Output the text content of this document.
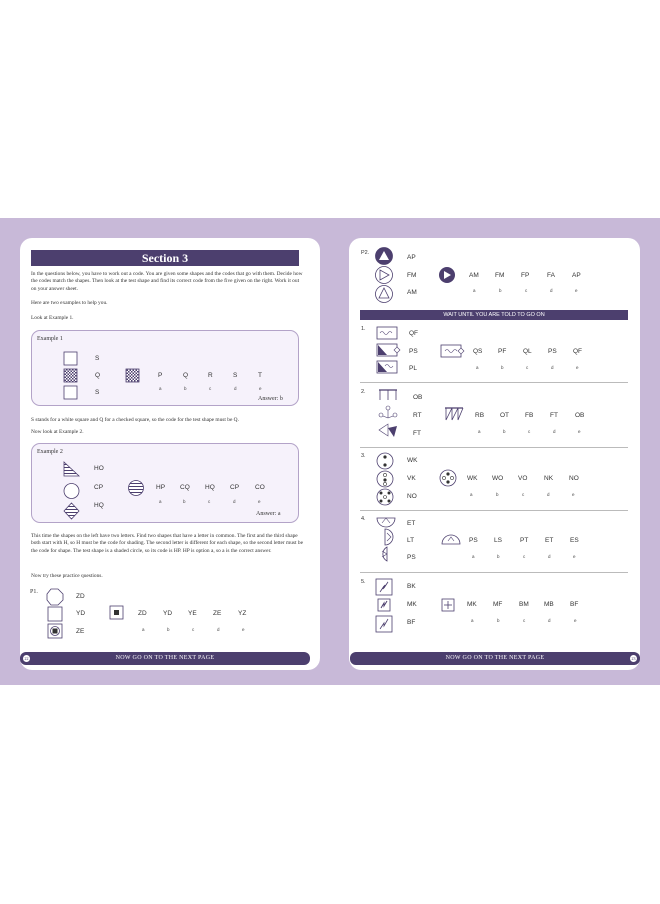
Section 3
In the questions below, you have to work out a code. You are given some shapes and the codes that go with them. Decide how the codes match the shapes. Then look at the test shape and find its correct code from the five given on the right. Work it out on your answer sheet.
Here are two examples to help you.
Look at Example 1.
Example 1
S
Q
S
P	Q	R	S	T
a	b	c	d	e
Answer: b
S stands for a white square and Q for a checked square, so the code for the test shape must be Q.
Now look at Example 2.
Example 2
HO
CP
HQ
HP CQ HQ CP CO
a	b	c	d	e
Answer: a
This time the shapes on the left have two letters. Find two shapes that have a letter in common. The first and the third shape both start with H, so H must be the code for shading. The second letter is different for each shape, so the second letter must be the code for shape. The test shape is a shaded circle, so its code is HP. HP is option a, so a is the correct answer.
Now try these practice questions.
P1.
ZD
YD
ZE
ZD	YD YE	ZE	YZ
a	b	c	d	e
P2.
AP
FM
AM
AM	FM	FP	FA	AP
a	b	c	d	e
WAIT UNTIL YOU ARE TOLD TO GO ON
1.
QF
PS
PL
QS PF	QL	PS	QF
a	b	c	d	e
2.
OB
RT
FT
RB OT FB	FT	OB
a	b	c	d	e
3.
WK
VK
NO
WK WO VO	NK NO
a	b	c	d	e
4.
ET
LT
PS
PS	LS	PT	ET	ES
a	b	c	d	e
5.
BK
MK
BF
MK	MF	BM MB	BF
a	b	c	d	e
NOW GO ON TO THE NEXT PAGE
22	NOW GO ON TO THE NEXT PAGE	23
